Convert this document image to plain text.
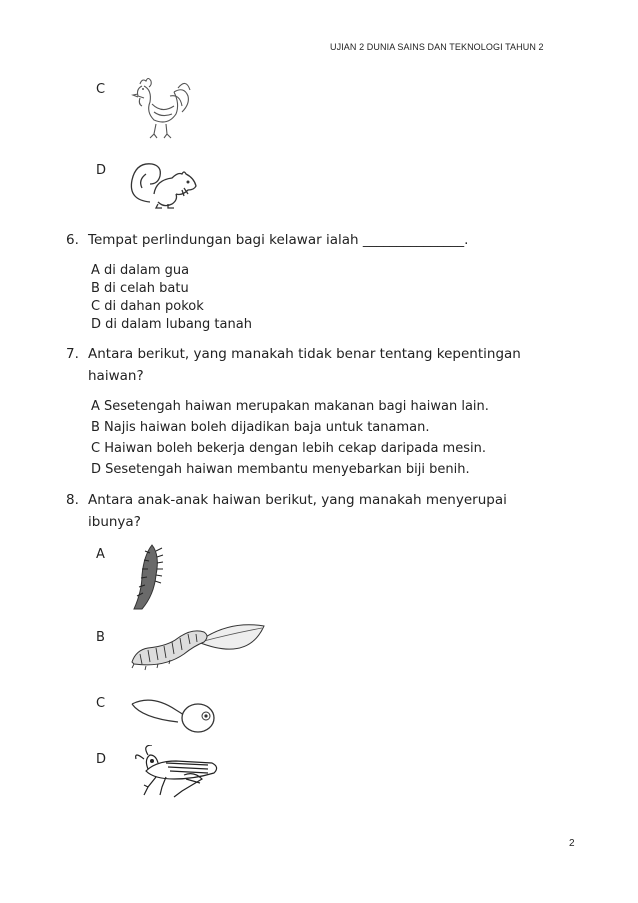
UJIAN 2 DUNIA SAINS DAN TEKNOLOGI TAHUN 2
C
D
6. Tempat perlindungan bagi kelawar ialah _______________.
A di dalam gua
B di celah batu
C di dahan pokok
D di dalam lubang tanah
7. Antara berikut, yang manakah tidak benar tentang kepentingan
haiwan?
A Sesetengah haiwan merupakan makanan bagi haiwan lain.
B Najis haiwan boleh dijadikan baja untuk tanaman.
C Haiwan boleh bekerja dengan lebih cekap daripada mesin.
D Sesetengah haiwan membantu menyebarkan biji benih.
8. Antara anak-anak haiwan berikut, yang manakah menyerupai
ibunya?
A
B
C
D
2
